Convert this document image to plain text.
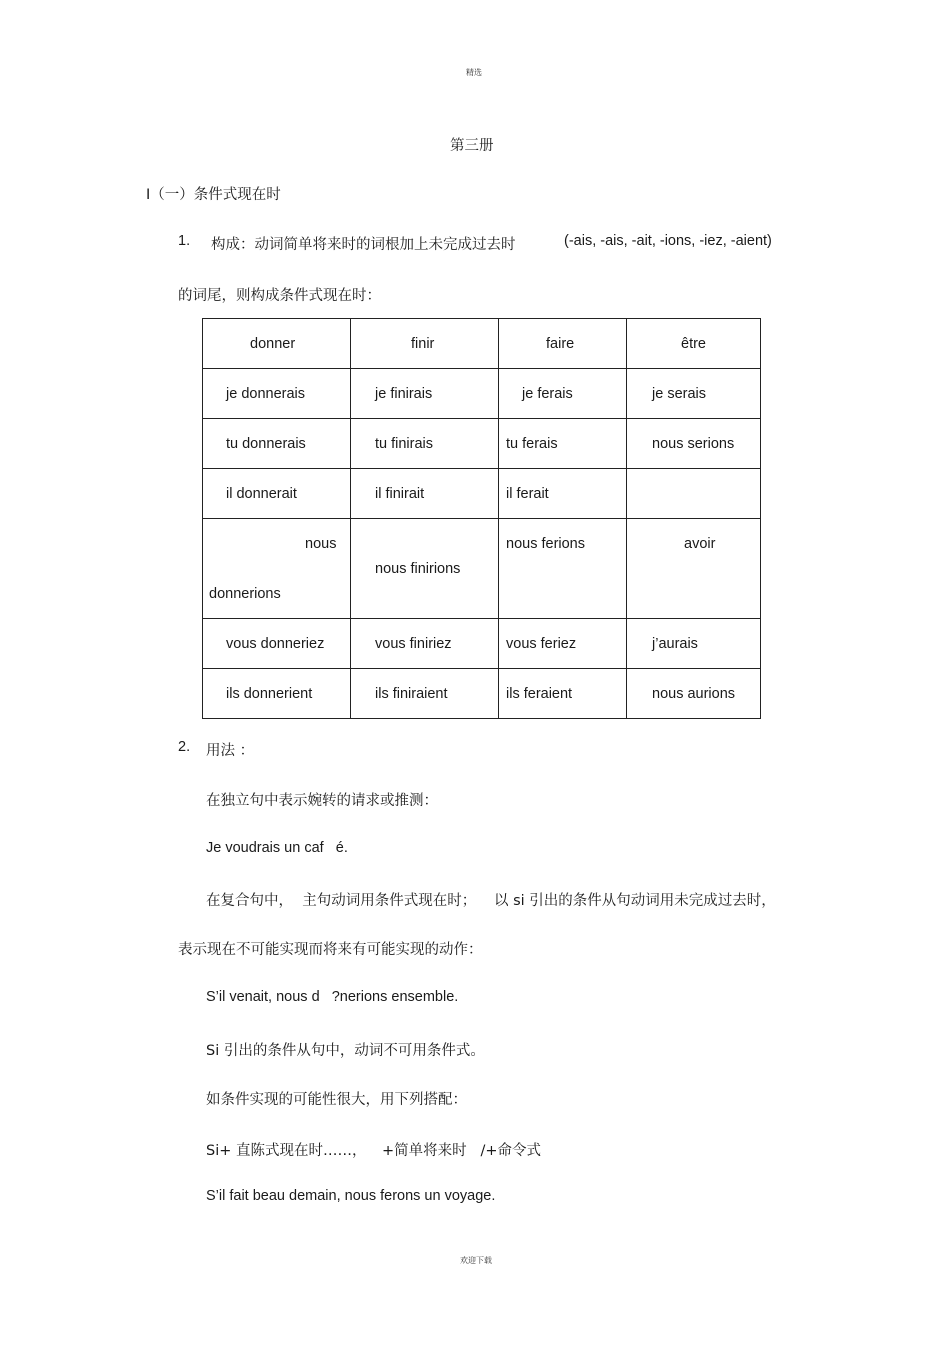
精选
第三册
Ⅰ（一）条件式现在时
1. 构成：动词简单将来时的词根加上未完成过去时	(-ais, -ais, -ait, -ions, -iez, -aient)
的词尾，则构成条件式现在时：
donner	finir	faire	être

je donnerais	je finirais	je ferais	je serais

tu donnerais	tu finirais	tu ferais	nous serions

il donnerait	il finirait	il ferait	

nous
donnerions	nous finirions	nous ferions	avoir

vous donneriez	vous finiriez	vous feriez	j’aurais

ils donnerient	ils finiraient	ils feraient	nous aurions
2. 用法 ：
在独立句中表示婉转的请求或推测：
Je voudrais un caf   é.
在复合句中，  主句动词用条件式现在时； 以 si 引出的条件从句动词用未完成过去时，
表示现在不可能实现而将来有可能实现的动作：
S’il venait, nous d   ?nerions ensemble.
Si 引出的条件从句中，动词不可用条件式。
如条件实现的可能性很大，用下列搭配：
Si+ 直陈式现在时……， +简单将来时   /+命令式
S’il fait beau demain, nous ferons un voyage.
欢迎下载
